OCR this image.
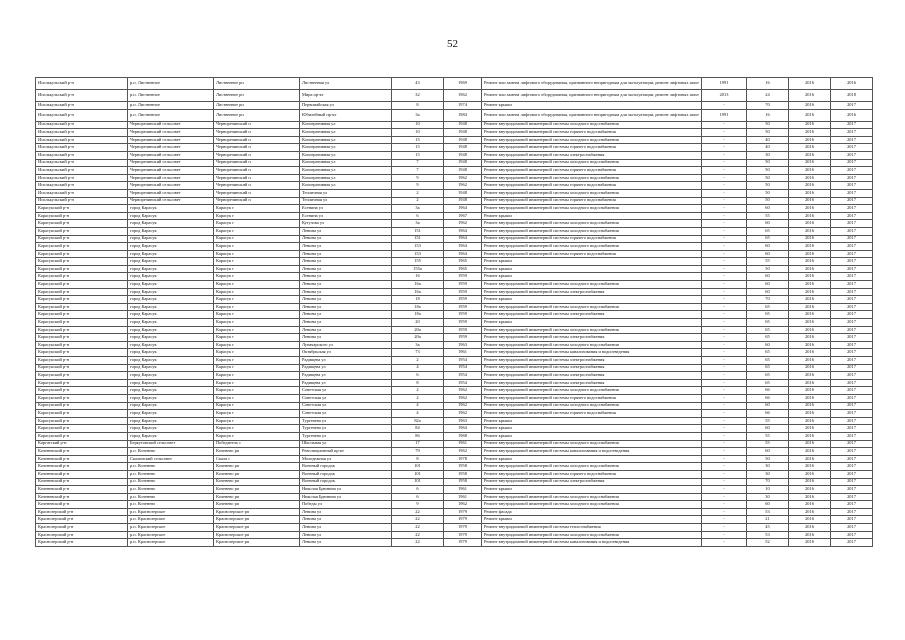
52
Исилькульский р-н	р.п. Лиственное	Лиственное рп	Лиственная ул	43	1969	Ремонт или замена лифтового оборудования, признанного непригодным для эксплуатации, ремонт лифтовых шахт	1991	16	2016	2016
Исилькульский р-н	р.п. Лиственное	Лиственное рп	Мира пр-кт	32	1962	Ремонт или замена лифтового оборудования, признанного непригодным для эксплуатации, ремонт лифтовых шахт	2013	24	2016	2018
Исилькульский р-н	р.п. Лиственное	Лиственное рп	Первомайская ул	8	1974	Ремонт крыши	-	70	2016	2017
Исилькульский р-н	р.п. Лиственное	Лиственное рп	Юбилейный пр-кт	3а	1984	Ремонт или замена лифтового оборудования, признанного непригодным для эксплуатации, ремонт лифтовых шахт	1991	16	2016	2016
Исилькульский р-н	Черноречинский сельсовет	Черноречинский п	Кооперативная ул	10	1948	Ремонт внутридомовой инженерной системы холодного водоснабжения	-	50	2016	2017
Исилькульский р-н	Черноречинский сельсовет	Черноречинский п	Кооперативная ул	10	1948	Ремонт внутридомовой инженерной системы горячего водоснабжения	-	50	2016	2017
Исилькульский р-н	Черноречинский сельсовет	Черноречинский п	Кооперативная ул	15	1948	Ремонт внутридомовой инженерной системы холодного водоснабжения	-	40	2016	2017
Исилькульский р-н	Черноречинский сельсовет	Черноречинский п	Кооперативная ул	15	1948	Ремонт внутридомовой инженерной системы горячего водоснабжения	-	40	2016	2017
Исилькульский р-н	Черноречинский сельсовет	Черноречинский п	Кооперативная ул	15	1948	Ремонт внутридомовой инженерной системы электроснабжения	-	30	2016	2017
Исилькульский р-н	Черноречинский сельсовет	Черноречинский п	Кооперативная ул	7	1948	Ремонт внутридомовой инженерной системы холодного водоснабжения	-	50	2016	2017
Исилькульский р-н	Черноречинский сельсовет	Черноречинский п	Кооперативная ул	7	1948	Ремонт внутридомовой инженерной системы горячего водоснабжения	-	50	2016	2017
Исилькульский р-н	Черноречинский сельсовет	Черноречинский п	Кооперативная ул	9	1962	Ремонт внутридомовой инженерной системы холодного водоснабжения	-	50	2016	2017
Исилькульский р-н	Черноречинский сельсовет	Черноречинский п	Кооперативная ул	9	1962	Ремонт внутридомовой инженерной системы горячего водоснабжения	-	50	2016	2017
Исилькульский р-н	Черноречинский сельсовет	Черноречинский п	Тепличная ул	2	1948	Ремонт внутридомовой инженерной системы холодного водоснабжения	-	50	2016	2017
Исилькульский р-н	Черноречинский сельсовет	Черноречинский п	Тепличная ул	2	1948	Ремонт внутридомовой инженерной системы горячего водоснабжения	-	50	2016	2017
Карасукский р-н	город Карасук	Карасук г	Есенина ул	3а	1964	Ремонт внутридомовой инженерной системы холодного водоснабжения	-	60	2016	2017
Карасукский р-н	город Карасук	Карасук г	Есенина ул	6	1967	Ремонт крыши	-	55	2016	2017
Карасукский р-н	город Карасук	Карасук г	Кутузова ул	3а	1962	Ремонт внутридомовой инженерной системы холодного водоснабжения	-	60	2016	2017
Карасукский р-н	город Карасук	Карасук г	Ленина ул	151	1964	Ремонт внутридомовой инженерной системы холодного водоснабжения	-	65	2016	2017
Карасукский р-н	город Карасук	Карасук г	Ленина ул	151	1964	Ремонт внутридомовой инженерной системы горячего водоснабжения	-	65	2016	2017
Карасукский р-н	город Карасук	Карасук г	Ленина ул	153	1964	Ремонт внутридомовой инженерной системы холодного водоснабжения	-	60	2016	2017
Карасукский р-н	город Карасук	Карасук г	Ленина ул	153	1964	Ремонт внутридомовой инженерной системы горячего водоснабжения	-	60	2016	2017
Карасукский р-н	город Карасук	Карасук г	Ленина ул	155	1965	Ремонт крыши	-	55	2016	2017
Карасукский р-н	город Карасук	Карасук г	Ленина ул	155а	1965	Ремонт крыши	-	50	2016	2017
Карасукский р-н	город Карасук	Карасук г	Ленина ул	16	1959	Ремонт крыши	-	60	2016	2017
Карасукский р-н	город Карасук	Карасук г	Ленина ул	16а	1959	Ремонт внутридомовой инженерной системы холодного водоснабжения	-	60	2016	2017
Карасукский р-н	город Карасук	Карасук г	Ленина ул	16а	1959	Ремонт внутридомовой инженерной системы электроснабжения	-	60	2016	2017
Карасукский р-н	город Карасук	Карасук г	Ленина ул	18	1959	Ремонт крыши	-	70	2016	2017
Карасукский р-н	город Карасук	Карасук г	Ленина ул	18а	1959	Ремонт внутридомовой инженерной системы холодного водоснабжения	-	65	2016	2017
Карасукский р-н	город Карасук	Карасук г	Ленина ул	18а	1959	Ремонт внутридомовой инженерной системы электроснабжения	-	65	2016	2017
Карасукский р-н	город Карасук	Карасук г	Ленина ул	20	1959	Ремонт крыши	-	65	2016	2017
Карасукский р-н	город Карасук	Карасук г	Ленина ул	20а	1959	Ремонт внутридомовой инженерной системы холодного водоснабжения	-	65	2016	2017
Карасукский р-н	город Карасук	Карасук г	Ленина ул	20а	1959	Ремонт внутридомовой инженерной системы электроснабжения	-	65	2016	2017
Карасукский р-н	город Карасук	Карасук г	Луначарского ул	3а	1963	Ремонт внутридомовой инженерной системы холодного водоснабжения	-	60	2016	2017
Карасукский р-н	город Карасук	Карасук г	Октябрьская ул	73	1961	Ремонт внутридомовой инженерной системы канализования и водоотведения	-	65	2016	2017
Карасукский р-н	город Карасук	Карасук г	Радищева ул	2	1954	Ремонт внутридомовой инженерной системы электроснабжения	-	65	2016	2017
Карасукский р-н	город Карасук	Карасук г	Радищева ул	4	1954	Ремонт внутридомовой инженерной системы электроснабжения	-	65	2016	2017
Карасукский р-н	город Карасук	Карасук г	Радищева ул	6	1954	Ремонт внутридомовой инженерной системы электроснабжения	-	65	2016	2017
Карасукский р-н	город Карасук	Карасук г	Радищева ул	8	1954	Ремонт внутридомовой инженерной системы электроснабжения	-	65	2016	2017
Карасукский р-н	город Карасук	Карасук г	Советская ул	2	1962	Ремонт внутридомовой инженерной системы холодного водоснабжения	-	66	2016	2017
Карасукский р-н	город Карасук	Карасук г	Советская ул	2	1962	Ремонт внутридомовой инженерной системы горячего водоснабжения	-	66	2016	2017
Карасукский р-н	город Карасук	Карасук г	Советская ул	4	1962	Ремонт внутридомовой инженерной системы холодного водоснабжения	-	60	2016	2017
Карасукский р-н	город Карасук	Карасук г	Советская ул	4	1962	Ремонт внутридомовой инженерной системы горячего водоснабжения	-	66	2016	2017
Карасукский р-н	город Карасук	Карасук г	Тургенева ул	82а	1963	Ремонт крыши	-	55	2016	2017
Карасукский р-н	город Карасук	Карасук г	Тургенева ул	84	1964	Ремонт крыши	-	60	2016	2017
Карасукский р-н	город Карасук	Карасук г	Тургенева ул	86	1968	Ремонт крыши	-	55	2016	2017
Каргатский р-н	Беркутовский сельсовет	Победитель с	Школьная ул	17	1961	Ремонт внутридомовой инженерной системы холодного водоснабжения	-	55	2016	2017
Коченевский р-н	р.п. Коченево	Коченево рп	Революционный пр-кт	79	1962	Ремонт внутридомовой инженерной системы канализования и водоотведения	-	60	2016	2017
Коченевский р-н	Скалинский сельсовет	Скала с	Молодежная ул	8	1978	Ремонт крыши	-	50	2016	2017
Коченевский р-н	р.п. Коченево	Коченево рп	Военный городок	101	1958	Ремонт внутридомовой инженерной системы холодного водоснабжения	-	30	2016	2017
Коченевский р-н	р.п. Коченево	Коченево рп	Военный городок	101	1958	Ремонт внутридомовой инженерной системы горячего водоснабжения	-	30	2016	2017
Коченевский р-н	р.п. Коченево	Коченево рп	Военный городок	101	1958	Ремонт внутридомовой инженерной системы электроснабжения	-	70	2016	2017
Коченевский р-н	р.п. Коченево	Коченево рп	Николая Брюнина ул	6	1961	Ремонт крыши	-	10	2016	2017
Коченевский р-н	р.п. Коченево	Коченево рп	Николая Брюнина ул	6	1961	Ремонт внутридомовой инженерной системы холодного водоснабжения	-	30	2016	2017
Коченевский р-н	р.п. Коченево	Коченево рп	Победы ул	9	1962	Ремонт внутридомовой инженерной системы холодного водоснабжения	-	60	2016	2017
Краснозерский р-н	р.п. Краснозерское	Краснозерское рп	Ленина ул	22	1979	Ремонт фасада	-	53	2016	2017
Краснозерский р-н	р.п. Краснозерское	Краснозерское рп	Ленина ул	22	1979	Ремонт крыши	-	21	2016	2017
Краснозерский р-н	р.п. Краснозерское	Краснозерское рп	Ленина ул	22	1979	Ремонт внутридомовой инженерной системы теплоснабжения	-	45	2016	2017
Краснозерский р-н	р.п. Краснозерское	Краснозерское рп	Ленина ул	22	1979	Ремонт внутридомовой инженерной системы холодного водоснабжения	-	53	2016	2017
Краснозерский р-н	р.п. Краснозерское	Краснозерское рп	Ленина ул	22	1979	Ремонт внутридомовой инженерной системы канализования и водоотведения	-	52	2016	2017
